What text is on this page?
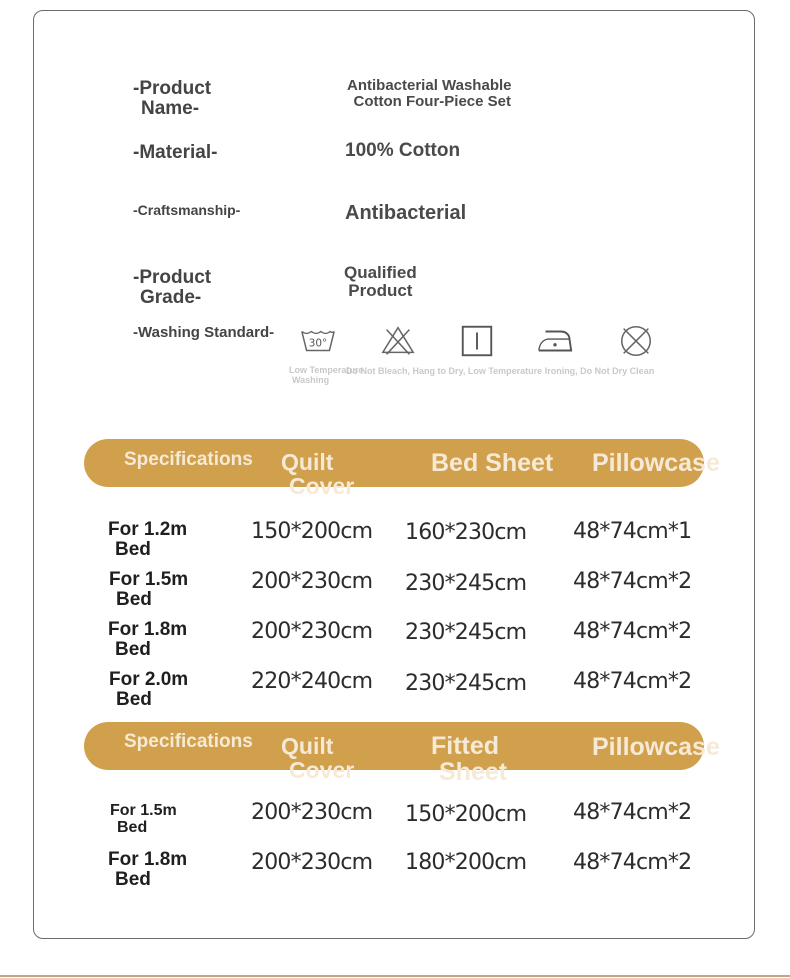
-Product
Name-
Antibacterial Washable
Cotton Four-Piece Set
-Material-	100% Cotton
-Craftsmanship-	Antibacterial
-Product
Grade-
Qualified
Product
-Washing Standard-
30°
Low Temperature
Washing
Do Not Bleach, Hang to Dry, Low Temperature Ironing, Do Not Dry Clean
Specifications Quilt
Cover
Bed Sheet Pillowcase
For 1.2m
Bed
150*200cm 160*230cm 48*74cm*1
For 1.5m
Bed
200*230cm 230*245cm 48*74cm*2
For 1.8m
Bed
200*230cm 230*245cm 48*74cm*2
For 2.0m
Bed
220*240cm 230*245cm 48*74cm*2
Specifications Quilt
Cover
Fitted
Sheet
Pillowcase
For 1.5m
Bed
200*230cm 150*200cm 48*74cm*2
For 1.8m
Bed
200*230cm 180*200cm 48*74cm*2
